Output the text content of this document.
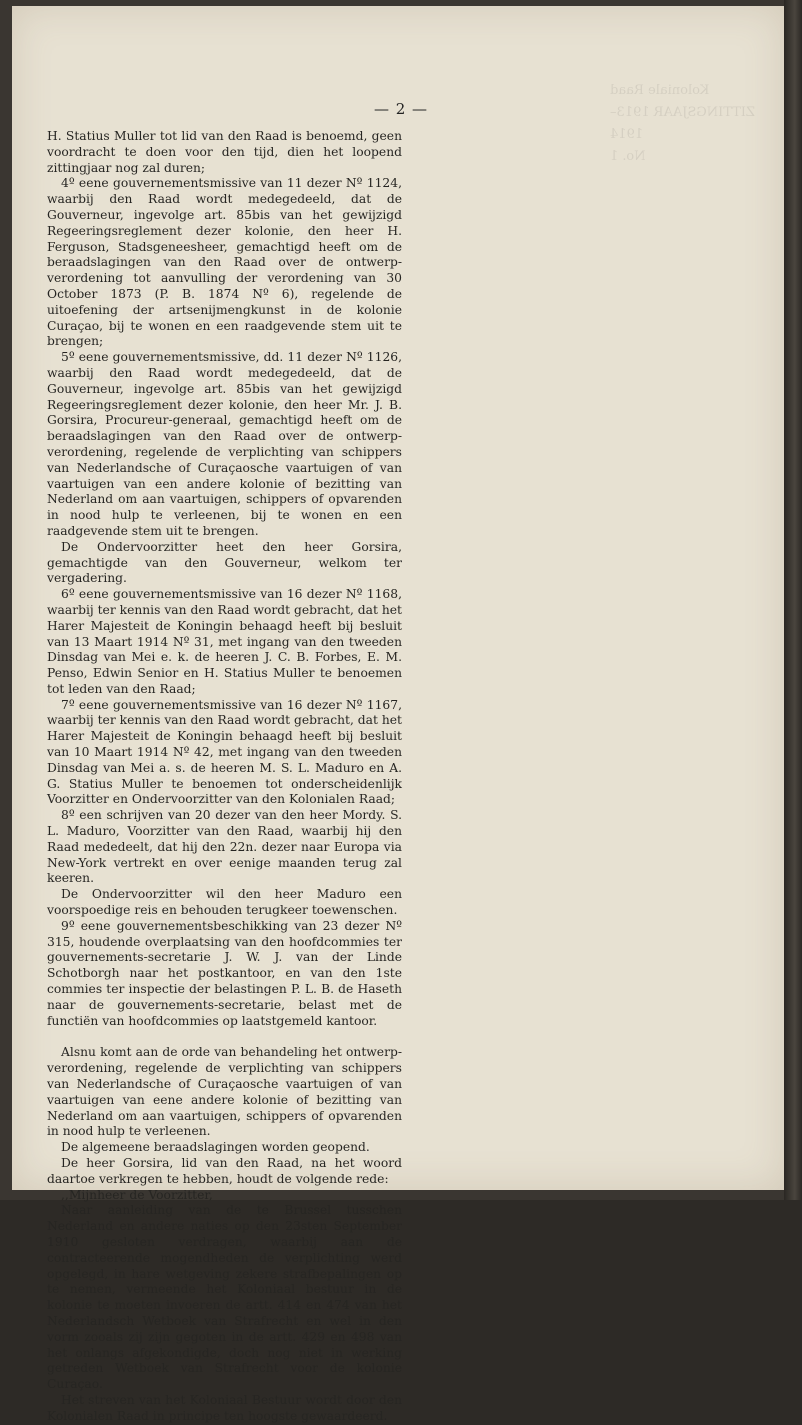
Koloniale Raad
ZITTINGSJAAR 1913–1914
No. 1
— 2 —

H. Statius Muller tot lid van den Raad is benoemd, geen voordracht te doen voor den tijd, dien het loopend zittingjaar nog zal duren;

4º eene gouvernementsmissive van 11 dezer Nº 1124, waarbij den Raad wordt medegedeeld, dat de Gouverneur, ingevolge art. 85bis van het gewijzigd Regeeringsreglement dezer kolonie, den heer H. Ferguson, Stadsgeneesheer, gemachtigd heeft om de beraadslagingen van den Raad over de ontwerp-verordening tot aanvulling der verordening van 30 October 1873 (P. B. 1874 Nº 6), regelende de uitoefening der artsenijmengkunst in de kolonie Curaçao, bij te wonen en een raadgevende stem uit te brengen;

5º eene gouvernementsmissive, dd. 11 dezer Nº 1126, waarbij den Raad wordt medegedeeld, dat de Gouverneur, ingevolge art. 85bis van het gewijzigd Regeeringsreglement dezer kolonie, den heer Mr. J. B. Gorsira, Procureur-generaal, gemachtigd heeft om de beraadslagingen van den Raad over de ontwerp-verordening, regelende de verplichting van schippers van Nederlandsche of Curaçaosche vaartuigen of van vaartuigen van een andere kolonie of bezitting van Nederland om aan vaartuigen, schippers of opvarenden in nood hulp te verleenen, bij te wonen en een raadgevende stem uit te brengen.

De Ondervoorzitter heet den heer Gorsira, gemachtigde van den Gouverneur, welkom ter vergadering.

6º eene gouvernementsmissive van 16 dezer Nº 1168, waarbij ter kennis van den Raad wordt gebracht, dat het Harer Majesteit de Koningin behaagd heeft bij besluit van 13 Maart 1914 Nº 31, met ingang van den tweeden Dinsdag van Mei e. k. de heeren J. C. B. Forbes, E. M. Penso, Edwin Senior en H. Statius Muller te benoemen tot leden van den Raad;

7º eene gouvernementsmissive van 16 dezer Nº 1167, waarbij ter kennis van den Raad wordt gebracht, dat het Harer Majesteit de Koningin behaagd heeft bij besluit van 10 Maart 1914 Nº 42, met ingang van den tweeden Dinsdag van Mei a. s. de heeren M. S. L. Maduro en A. G. Statius Muller te benoemen tot onderscheidenlijk Voorzitter en Ondervoorzitter van den Kolonialen Raad;

8º een schrijven van 20 dezer van den heer Mordy. S. L. Maduro, Voorzitter van den Raad, waarbij hij den Raad mededeelt, dat hij den 22n. dezer naar Europa via New-York vertrekt en over eenige maanden terug zal keeren.

De Ondervoorzitter wil den heer Maduro een voorspoedige reis en behouden terugkeer toewenschen.

9º eene gouvernementsbeschikking van 23 dezer Nº 315, houdende overplaatsing van den hoofdcommies ter gouvernements-secretarie J. W. J. van der Linde Schotborgh naar het postkantoor, en van den 1ste commies ter inspectie der belastingen P. L. B. de Haseth naar de gouvernements-secretarie, belast met de functiën van hoofdcommies op laatstgemeld kantoor.

Alsnu komt aan de orde van behandeling het ontwerp-verordening, regelende de verplichting van schippers van Nederlandsche of Curaçaosche vaartuigen of van vaartuigen van eene andere kolonie of bezitting van Nederland om aan vaartuigen, schippers of opvarenden in nood hulp te verleenen.

De algemeene beraadslagingen worden geopend.

De heer Gorsira, lid van den Raad, na het woord daartoe verkregen te hebben, houdt de volgende rede:

,,Mijnheer de Voorzitter,

Naar aanleiding van de te Brussel tusschen Nederland en andere naties op den 23sten September 1910 gesloten verdragen, waarbij aan de contracteerende mogendheden de verplichting werd opgelegd, in hare wetgeving zekere strafbepalingen op te nemen, vermeende het Koloniaal bestuur in de kolonie te moeten invoeren de artt. 414 en 474 van het Nederlandsch Wetboek van Strafrecht en wel in den vorm zooals zij zijn gegoten in de artt. 429 en 498 van het onlangs afgekondigde, doch nog niet in werking getreden Wetboek van Strafrecht voor de kolonie Curaçao.

Het streven van het Koloniaal Bestuur wordt door den Kolonialen Raad in principe ten hoogste gewaardeerd.
